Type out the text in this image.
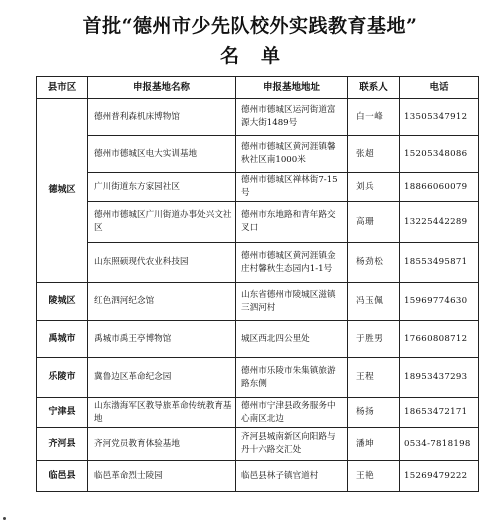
首批“德州市少先队校外实践教育基地”
名单
县市区	申报基地名称	申报基地地址	联系人	电话
德城区	德州普利森机床博物馆	德州市德城区运河街道富源大街1489号	白一峰	13505347912
	德州市德城区电大实训基地	德州市德城区黄河涯镇馨秋社区南1000米	张超	15205348086
	广川街道东方家园社区	德州市德城区禅林街7-15号	刘兵	18866060079
	德州市德城区广川街道办事处兴文社区	德州市东地路和青年路交叉口	高珊	13225442289
	山东照硕现代农业科技园	德州市德城区黄河涯镇金庄村馨秋生态园内1-1号	杨劲松	18553495871
陵城区	红色泗河纪念馆	山东省德州市陵城区滋镇三泗河村	冯玉佩	15969774630
禹城市	禹城市禹王亭博物馆	城区西北四公里处	于胜男	17660808712
乐陵市	冀鲁边区革命纪念园	德州市乐陵市朱集镇旅游路东侧	王程	18953437293
宁津县	山东渤海军区教导旅革命传统教育基地	德州市宁津县政务服务中心南区北边	杨扬	18653472171
齐河县	齐河党员教育体验基地	齐河县城南新区向阳路与丹十六路交汇处	潘坤	0534-7818198
临邑县	临邑革命烈士陵园	临邑县林子镇官道村	王艳	15269479222
